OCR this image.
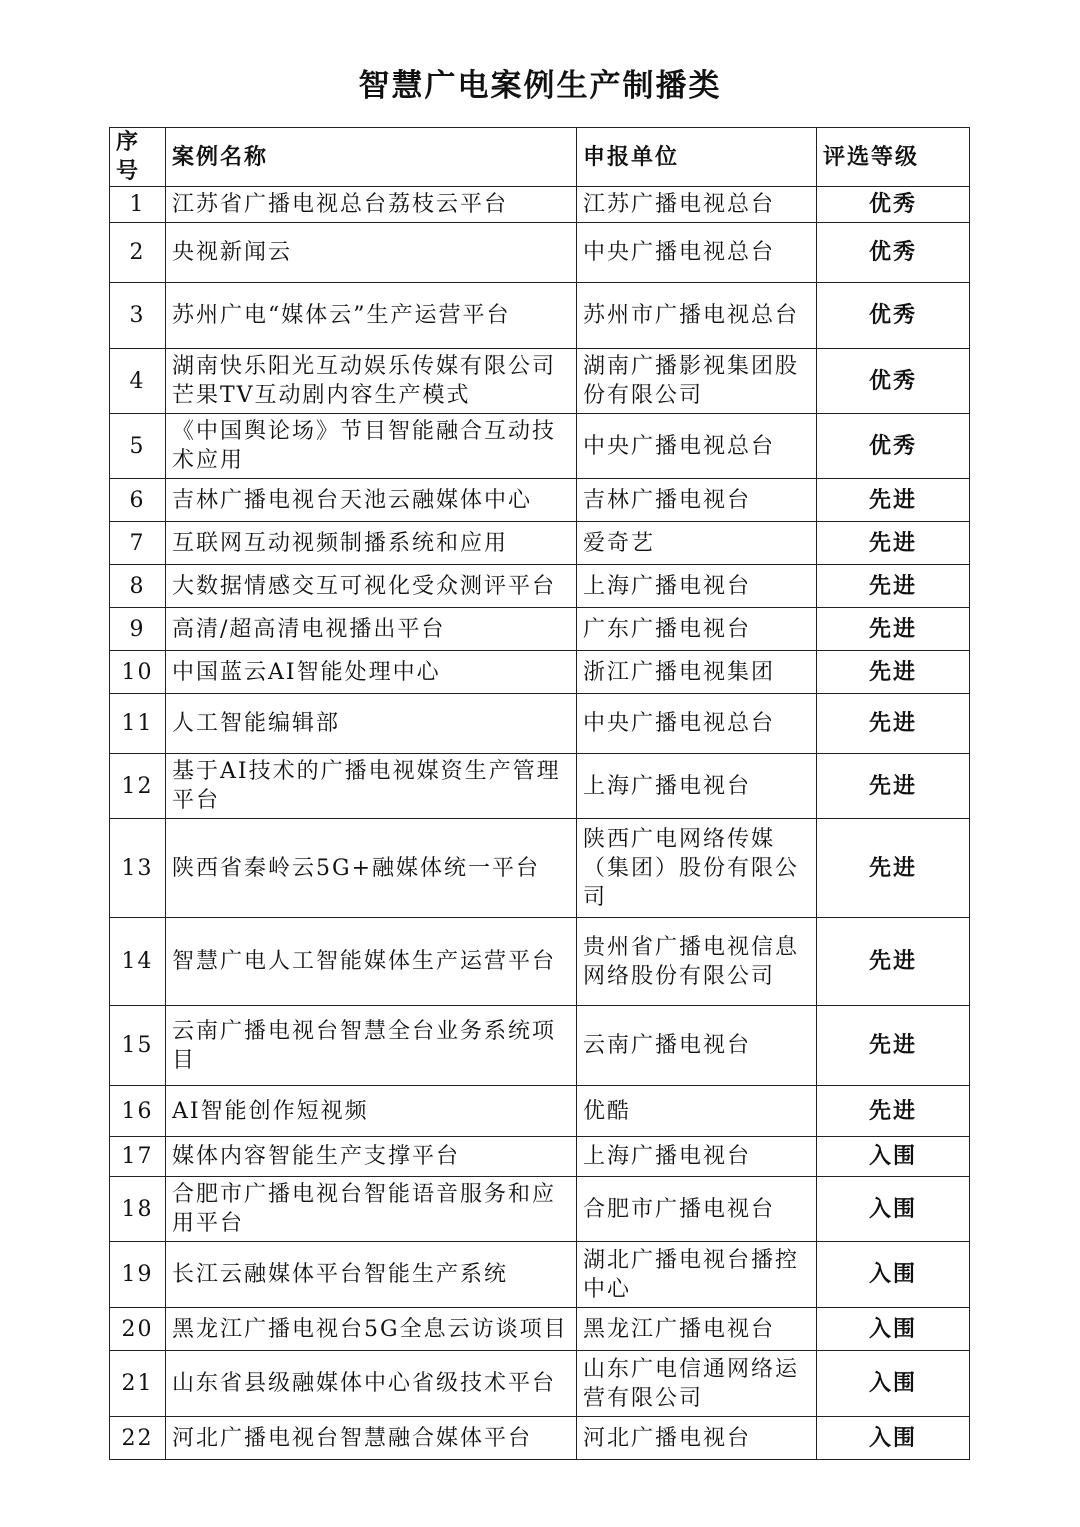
智慧广电案例生产制播类
序号	案例名称	申报单位	评选等级
1	江苏省广播电视总台荔枝云平台	江苏广播电视总台	优秀
2	央视新闻云	中央广播电视总台	优秀
3	苏州广电“媒体云”生产运营平台	苏州市广播电视总台	优秀
4	湖南快乐阳光互动娱乐传媒有限公司芒果TV互动剧内容生产模式	湖南广播影视集团股份有限公司	优秀
5	《中国舆论场》节目智能融合互动技术应用	中央广播电视总台	优秀
6	吉林广播电视台天池云融媒体中心	吉林广播电视台	先进
7	互联网互动视频制播系统和应用	爱奇艺	先进
8	大数据情感交互可视化受众测评平台	上海广播电视台	先进
9	高清/超高清电视播出平台	广东广播电视台	先进
10	中国蓝云AI智能处理中心	浙江广播电视集团	先进
11	人工智能编辑部	中央广播电视总台	先进
12	基于AI技术的广播电视媒资生产管理平台	上海广播电视台	先进
13	陕西省秦岭云5G+融媒体统一平台	陕西广电网络传媒（集团）股份有限公司	先进
14	智慧广电人工智能媒体生产运营平台	贵州省广播电视信息网络股份有限公司	先进
15	云南广播电视台智慧全台业务系统项目	云南广播电视台	先进
16	AI智能创作短视频	优酷	先进
17	媒体内容智能生产支撑平台	上海广播电视台	入围
18	合肥市广播电视台智能语音服务和应用平台	合肥市广播电视台	入围
19	长江云融媒体平台智能生产系统	湖北广播电视台播控中心	入围
20	黑龙江广播电视台5G全息云访谈项目	黑龙江广播电视台	入围
21	山东省县级融媒体中心省级技术平台	山东广电信通网络运营有限公司	入围
22	河北广播电视台智慧融合媒体平台	河北广播电视台	入围
